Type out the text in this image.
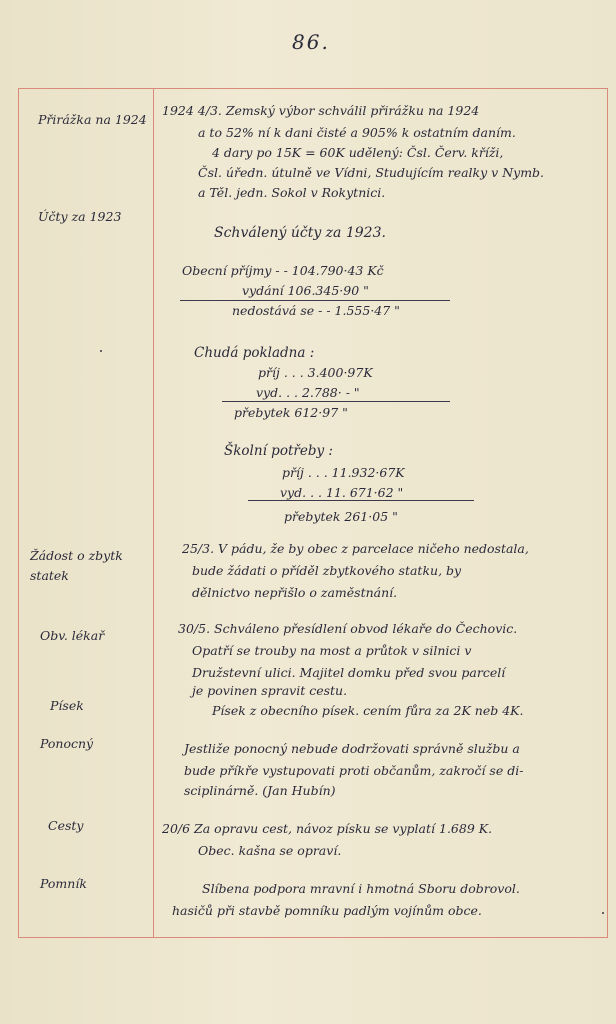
86.
Přirážka na 1924
Účty za 1923
Žádost o zbytk
statek
Obv. lékař
Písek
Ponocný
Cesty
Pomník
1924 4/3. Zemský výbor schválil přirážku na 1924
a to 52% ní k dani čisté a 905% k ostatním daním.
4 dary po 15K = 60K udělený: Čsl. Červ. kříži,
Čsl. úředn. útulně ve Vídni, Studujícím realky v Nymb.
a Těl. jedn. Sokol v Rokytnici.
Schválený účty za 1923.
Obecní příjmy - - 104.790·43 Kč
vydání 106.345·90 "
nedostává se - - 1.555·47 "
Chudá pokladna :
příj . . . 3.400·97K
vyd. . . 2.788· - "
přebytek 612·97 "
Školní potřeby :
příj . . . 11.932·67K
vyd. . . 11. 671·62 "
přebytek 261·05 "
25/3. V pádu, že by obec z parcelace ničeho nedostala,
bude žádati o příděl zbytkového statku, by
dělnictvo nepřišlo o zaměstnání.
30/5. Schváleno přesídlení obvod lékaře do Čechovic.
Opatří se trouby na most a průtok v silnici v
Družstevní ulici. Majitel domku před svou parcelí
je povinen spravit cestu.
Písek z obecního písek. cením fůra za 2K neb 4K.
Jestliže ponocný nebude dodržovati správně službu a
bude příkře vystupovati proti občanům, zakročí se di-
sciplinárně. (Jan Hubín)
20/6 Za opravu cest, návoz písku se vyplatí 1.689 K.
Obec. kašna se opraví.
Slíbena podpora mravní i hmotná Sboru dobrovol.
hasičů při stavbě pomníku padlým vojínům obce.
